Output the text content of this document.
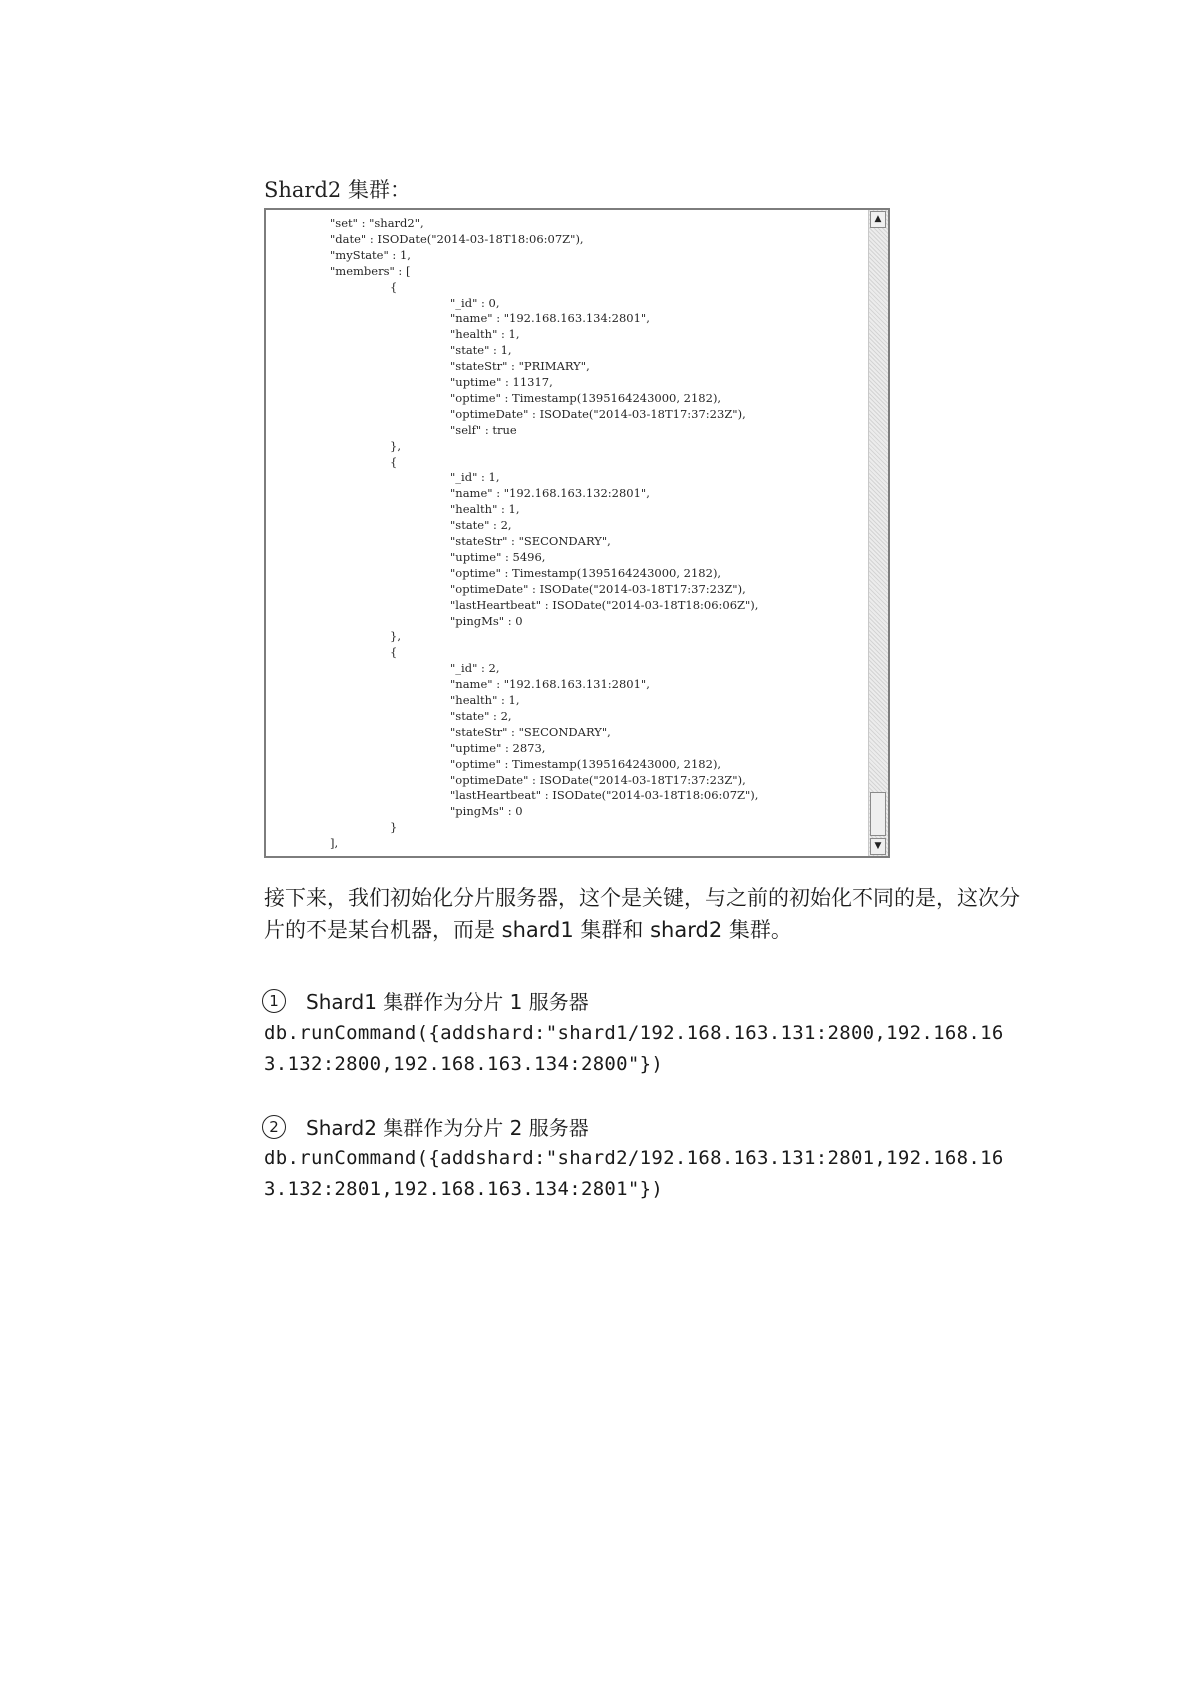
Shard2 集群：
"set" : "shard2",
"date" : ISODate("2014-03-18T18:06:07Z"),
"myState" : 1,
"members" : [
{
"_id" : 0,
"name" : "192.168.163.134:2801",
"health" : 1,
"state" : 1,
"stateStr" : "PRIMARY",
"uptime" : 11317,
"optime" : Timestamp(1395164243000, 2182),
"optimeDate" : ISODate("2014-03-18T17:37:23Z"),
"self" : true
},
{
"_id" : 1,
"name" : "192.168.163.132:2801",
"health" : 1,
"state" : 2,
"stateStr" : "SECONDARY",
"uptime" : 5496,
"optime" : Timestamp(1395164243000, 2182),
"optimeDate" : ISODate("2014-03-18T17:37:23Z"),
"lastHeartbeat" : ISODate("2014-03-18T18:06:06Z"),
"pingMs" : 0
},
{
"_id" : 2,
"name" : "192.168.163.131:2801",
"health" : 1,
"state" : 2,
"stateStr" : "SECONDARY",
"uptime" : 2873,
"optime" : Timestamp(1395164243000, 2182),
"optimeDate" : ISODate("2014-03-18T17:37:23Z"),
"lastHeartbeat" : ISODate("2014-03-18T18:06:07Z"),
"pingMs" : 0
}
],
▲
▼
接下来，我们初始化分片服务器，这个是关键，与之前的初始化不同的是，这次分片的不是某台机器，而是 shard1 集群和 shard2 集群。
1	Shard1 集群作为分片 1 服务器
db.runCommand({addshard:"shard1/192.168.163.131:2800,192.168.163.132:2800,192.168.163.134:2800"})
2	Shard2 集群作为分片 2 服务器
db.runCommand({addshard:"shard2/192.168.163.131:2801,192.168.163.132:2801,192.168.163.134:2801"})
